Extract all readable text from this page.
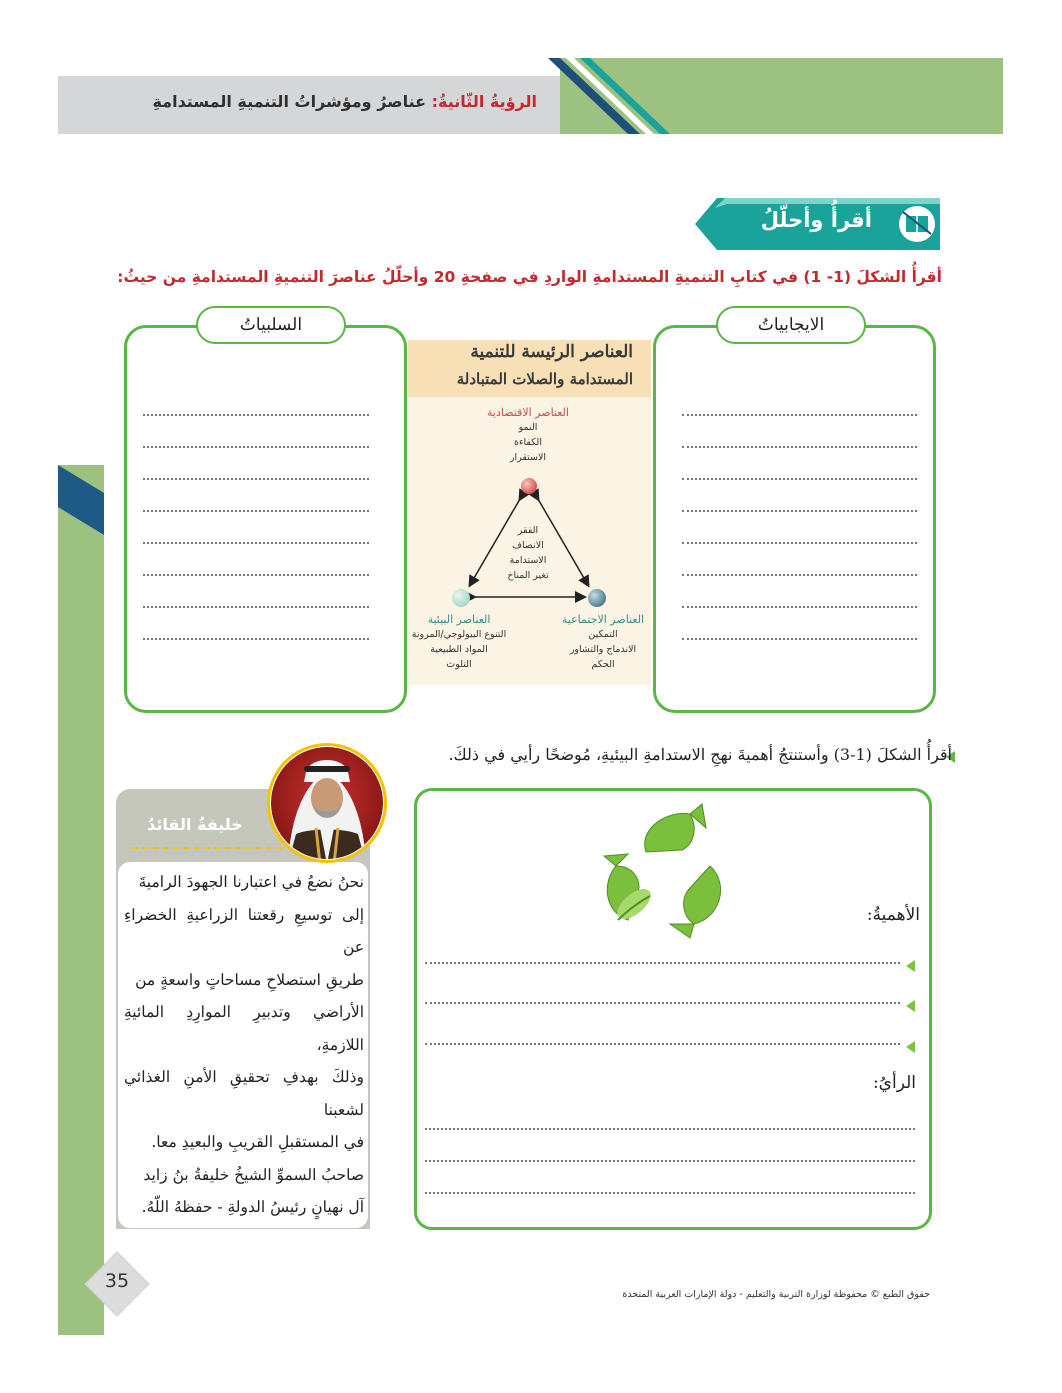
الرؤيةُ الثّانيةُ: عناصرُ ومؤشراتُ التنميةِ المستدامةِ
أقرأُ وأحلّلُ
أقرأُ الشكلَ (1- 1) في كتابِ التنميةِ المستدامةِ الواردِ في صفحةِ 20 وأحلّلُ عناصرَ التنميةِ المستدامةِ من حيثُ:
الايجابياتُ
السلبياتُ
العناصر الرئيسة للتنمية
المستدامة والصلات المتبادلة
العناصر الاقتصادية
النمو
الكفاءة
الاستقرار
الفقر
الانصاف
الاستدامة
تغير المناخ
العناصر الاجتماعية
التمكين
الاندماج والتشاور
الحكم
العناصر البيئية
التنوع البيولوجي/المرونة
المواد الطبيعية
التلوث
أقرأُ الشكلَ (1-3) وأستنتجُ أهميةَ نهجِ الاستدامةِ البيئيةِ، مُوضحًا رأيي في ذلكَ.
الأهميةُ:
الرأيُ:
خليفةُ القائدُ

نحنُ نضعُ في اعتبارنا الجهودَ الراميةَ

إلى توسيعِ رقعتنا الزراعيةِ الخضراءِ عن

طريقِ استصلاحِ مساحاتٍ واسعةٍ من

الأراضي وتدبيرِ الموارِدِ المائيةِ اللازمةِ،

وذلكَ بهدفِ تحقيقِ الأمنِ الغذائي لشعبنا

في المستقبلِ القريبِ والبعيدِ معا.

صاحبُ السموِّ الشيخُ خليفةُ بنُ زايد

آل نهيانٍ رئيسُ الدولةِ - حفظهُ اللّهُ.

35
حقوق الطبع © محفوظة لوزارة التربية والتعليم - دولة الإمارات العربية المتحدة
